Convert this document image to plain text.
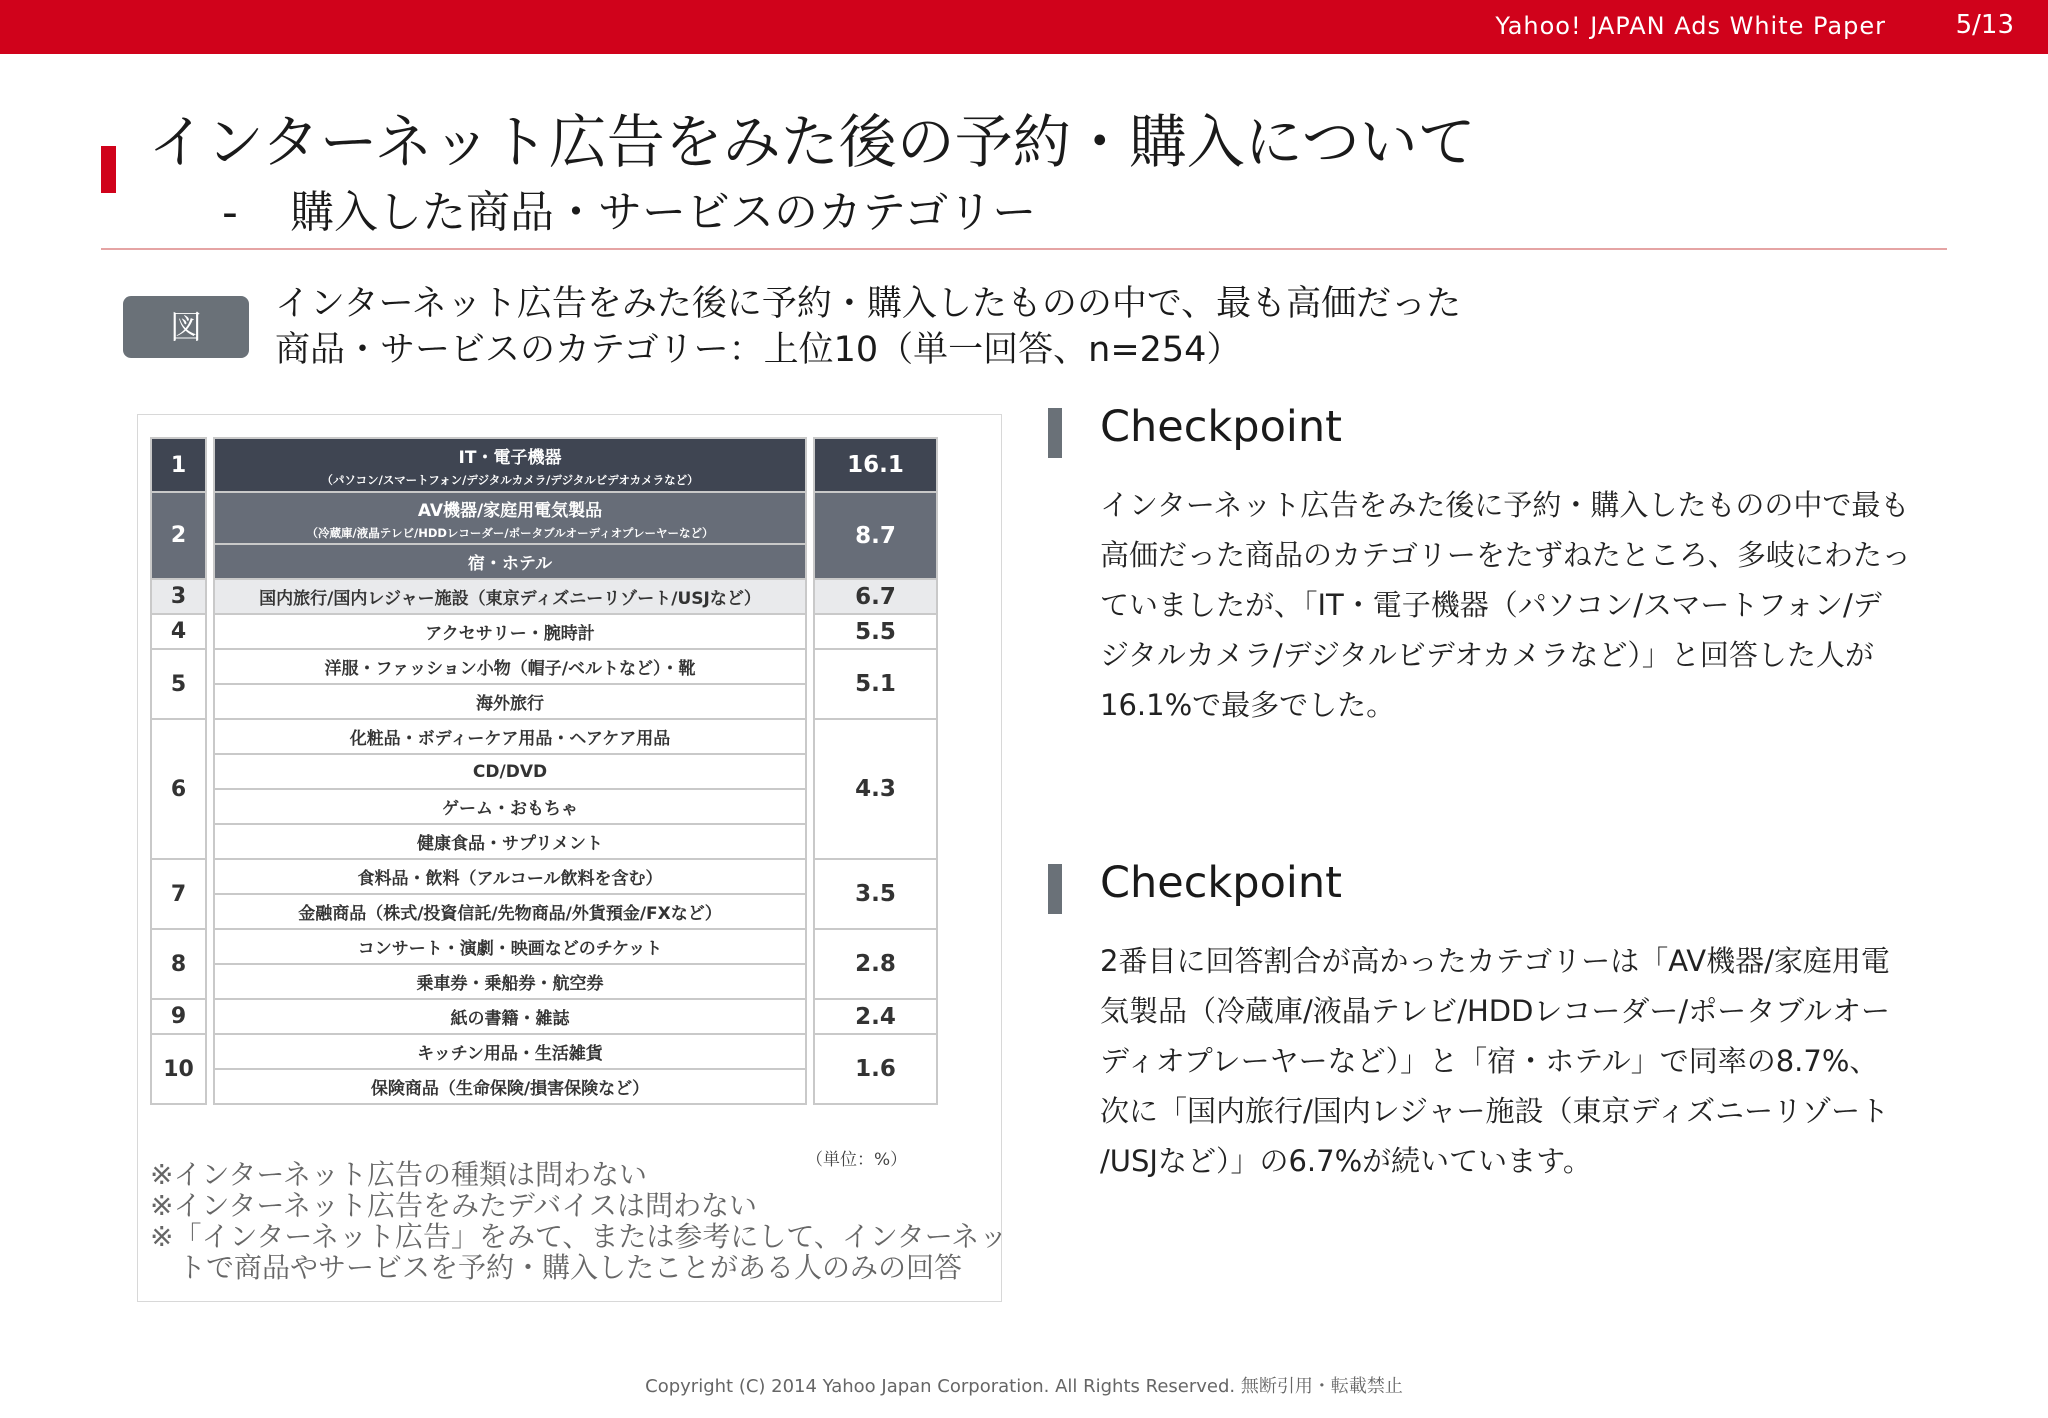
Yahoo! JAPAN Ads White Paper	5/13
インターネット広告をみた後の予約・購入について
- 購入した商品・サービスのカテゴリー
図
インターネット広告をみた後に予約・購入したものの中で、最も高価だった
商品・サービスのカテゴリー：上位10（単一回答、n=254）
1		IT・電子機器
（パソコン/スマートフォン/デジタルカメラ/デジタルビデオカメラなど）		16.1
2		AV機器/家庭用電気製品
（冷蔵庫/液晶テレビ/HDDレコーダー/ポータブルオーディオプレーヤーなど）		8.7
		宿・ホテル		
3		国内旅行/国内レジャー施設（東京ディズニーリゾート/USJなど）		6.7
4		アクセサリー・腕時計		5.5
5		洋服・ファッション小物（帽子/ベルトなど）・靴		5.1
		海外旅行		
6		化粧品・ボディーケア用品・ヘアケア用品		4.3
		CD/DVD		
		ゲーム・おもちゃ		
		健康食品・サプリメント		
7		食料品・飲料（アルコール飲料を含む）		3.5
		金融商品（株式/投資信託/先物商品/外貨預金/FXなど）		
8		コンサート・演劇・映画などのチケット		2.8
		乗車券・乗船券・航空券		
9		紙の書籍・雑誌		2.4
10		キッチン用品・生活雑貨		1.6
		保険商品（生命保険/損害保険など）		
（単位：%）
※インターネット広告の種類は問わない
※インターネット広告をみたデバイスは問わない
※「インターネット広告」をみて、または参考にして、インターネッ
トで商品やサービスを予約・購入したことがある人のみの回答
Checkpoint
インターネット広告をみた後に予約・購入したものの中で最も
高価だった商品のカテゴリーをたずねたところ、多岐にわたっ
ていましたが、「IT・電子機器（パソコン/スマートフォン/デ
ジタルカメラ/デジタルビデオカメラなど）」と回答した人が
16.1%で最多でした。
Checkpoint
2番目に回答割合が高かったカテゴリーは「AV機器/家庭用電
気製品（冷蔵庫/液晶テレビ/HDDレコーダー/ポータブルオー
ディオプレーヤーなど）」と「宿・ホテル」で同率の8.7%、
次に「国内旅行/国内レジャー施設（東京ディズニーリゾート
/USJなど）」の6.7%が続いています。
Copyright (C) 2014 Yahoo Japan Corporation. All Rights Reserved. 無断引用・転載禁止
